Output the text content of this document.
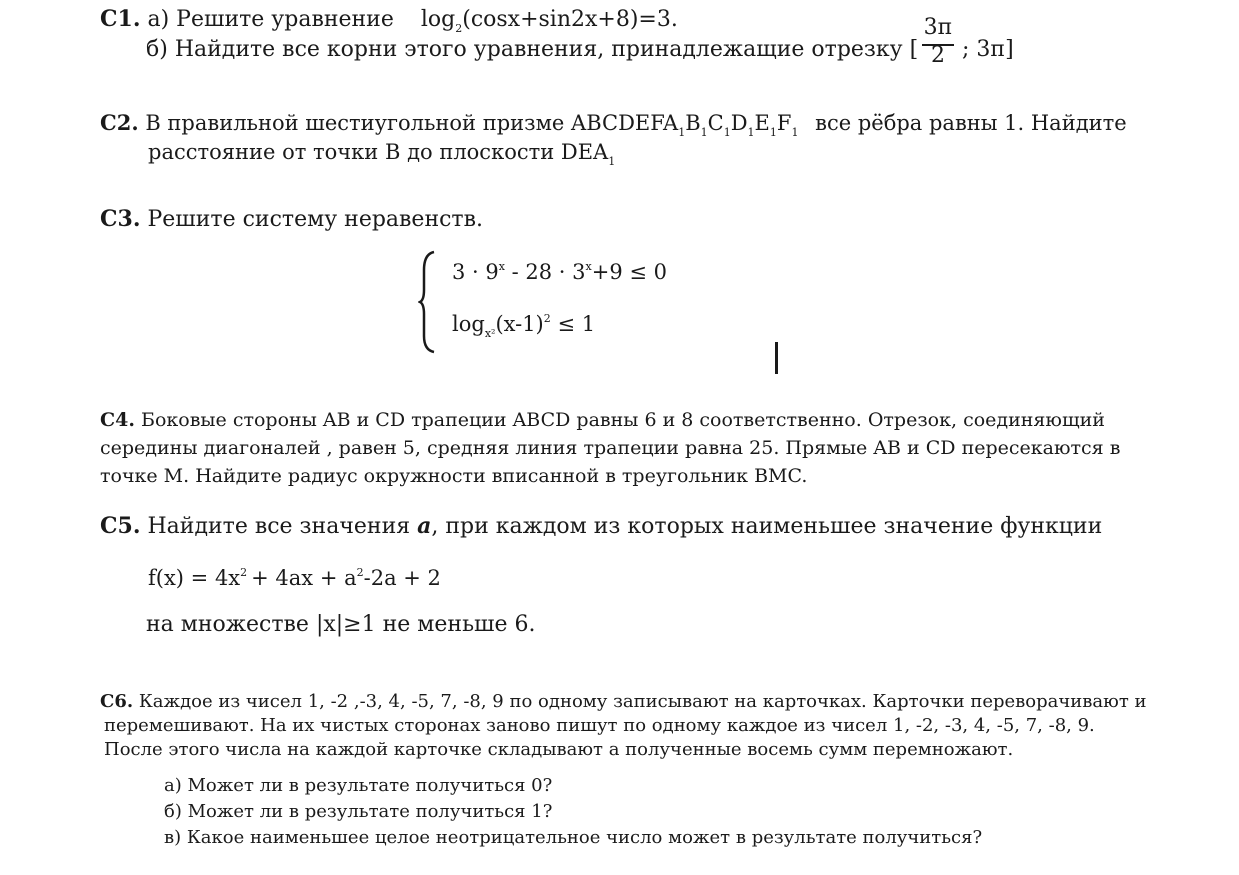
С1. а) Решите уравнение $\log_2(\cos x+\sin 2x+8)=3$.
б) Найдите все корни этого уравнения, принадлежащие отрезку [
3п
2 ; 3п]
С2. В правильной шестиугольной призме $ABCDEFA_1B_1C_1D_1E_1F_1$ все рёбра равны 1. Найдите
расстояние от точки B до плоскости $DEA_1$
С3. Решите систему неравенств.
$3 \cdot 9^x - 28 \cdot 3^x+9 \le 0$
$\log_{x^2}(x-1)^2 \le 1$
С4. Боковые стороны AB и CD трапеции ABCD равны 6 и 8 соответственно. Отрезок, соединяющий
середины диагоналей , равен 5, средняя линия трапеции равна 25. Прямые AB и CD пересекаются в
точке M. Найдите радиус окружности вписанной в треугольник BMC.
С5. Найдите все значения a, при каждом из которых наименьшее значение функции
$f(x) = 4x^2 + 4ax + a^2-2a + 2$
на множестве |x|≥1 не меньше 6.
С6. Каждое из чисел 1, -2 ,-3, 4, -5, 7, -8, 9 по одному записывают на карточках. Карточки переворачивают и
перемешивают. На их чистых сторонах заново пишут по одному каждое из чисел 1, -2, -3, 4, -5, 7, -8, 9.
После этого числа на каждой карточке складывают а полученные восемь сумм перемножают.
а) Может ли в результате получиться 0?
б) Может ли в результате получиться 1?
в) Какое наименьшее целое неотрицательное число может в результате получиться?
